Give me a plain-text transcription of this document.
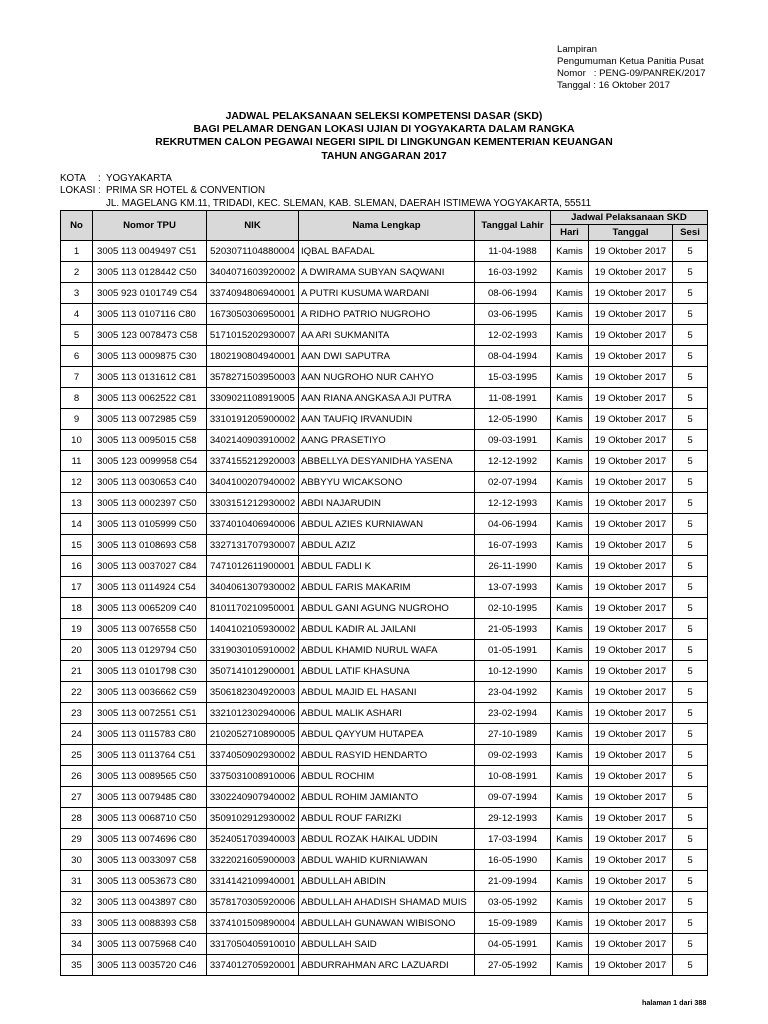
Lampiran
Pengumuman Ketua Panitia Pusat
Nomor   : PENG-09/PANREK/2017
Tanggal : 16 Oktober 2017
JADWAL PELAKSANAAN SELEKSI KOMPETENSI DASAR (SKD)
BAGI PELAMAR DENGAN LOKASI UJIAN DI YOGYAKARTA DALAM RANGKA
REKRUTMEN CALON PEGAWAI NEGERI SIPIL DI LINGKUNGAN KEMENTERIAN KEUANGAN
TAHUN ANGGARAN 2017
KOTA	: YOGYAKARTA
LOKASI : PRIMA SR HOTEL & CONVENTION
JL. MAGELANG KM.11, TRIDADI, KEC. SLEMAN, KAB. SLEMAN, DAERAH ISTIMEWA YOGYAKARTA, 55511
No	Nomor TPU	NIK	Nama Lengkap	Tanggal Lahir	Jadwal Pelaksanaan SKD		
					Hari	Tanggal	Sesi
1	3005 113 0049497 C51	5203071104880004	IQBAL BAFADAL	11-04-1988	Kamis	19 Oktober 2017	5
2	3005 113 0128442 C50	3404071603920002	A DWIRAMA SUBYAN SAQWANI	16-03-1992	Kamis	19 Oktober 2017	5
3	3005 923 0101749 C54	3374094806940001	A PUTRI KUSUMA WARDANI	08-06-1994	Kamis	19 Oktober 2017	5
4	3005 113 0107116 C80	1673050306950001	A RIDHO PATRIO NUGROHO	03-06-1995	Kamis	19 Oktober 2017	5
5	3005 123 0078473 C58	5171015202930007	AA ARI SUKMANITA	12-02-1993	Kamis	19 Oktober 2017	5
6	3005 113 0009875 C30	1802190804940001	AAN DWI SAPUTRA	08-04-1994	Kamis	19 Oktober 2017	5
7	3005 113 0131612 C81	3578271503950003	AAN NUGROHO NUR CAHYO	15-03-1995	Kamis	19 Oktober 2017	5
8	3005 113 0062522 C81	3309021108919005	AAN RIANA ANGKASA AJI PUTRA	11-08-1991	Kamis	19 Oktober 2017	5
9	3005 113 0072985 C59	3310191205900002	AAN TAUFIQ IRVANUDIN	12-05-1990	Kamis	19 Oktober 2017	5
10	3005 113 0095015 C58	3402140903910002	AANG PRASETIYO	09-03-1991	Kamis	19 Oktober 2017	5
11	3005 123 0099958 C54	3374155212920003	ABBELLYA DESYANIDHA YASENA	12-12-1992	Kamis	19 Oktober 2017	5
12	3005 113 0030653 C40	3404100207940002	ABBYYU WICAKSONO	02-07-1994	Kamis	19 Oktober 2017	5
13	3005 113 0002397 C50	3303151212930002	ABDI NAJARUDIN	12-12-1993	Kamis	19 Oktober 2017	5
14	3005 113 0105999 C50	3374010406940006	ABDUL AZIES KURNIAWAN	04-06-1994	Kamis	19 Oktober 2017	5
15	3005 113 0108693 C58	3327131707930007	ABDUL AZIZ	16-07-1993	Kamis	19 Oktober 2017	5
16	3005 113 0037027 C84	7471012611900001	ABDUL FADLI K	26-11-1990	Kamis	19 Oktober 2017	5
17	3005 113 0114924 C54	3404061307930002	ABDUL FARIS MAKARIM	13-07-1993	Kamis	19 Oktober 2017	5
18	3005 113 0065209 C40	8101170210950001	ABDUL GANI AGUNG NUGROHO	02-10-1995	Kamis	19 Oktober 2017	5
19	3005 113 0076558 C50	1404102105930002	ABDUL KADIR AL JAILANI	21-05-1993	Kamis	19 Oktober 2017	5
20	3005 113 0129794 C50	3319030105910002	ABDUL KHAMID NURUL WAFA	01-05-1991	Kamis	19 Oktober 2017	5
21	3005 113 0101798 C30	3507141012900001	ABDUL LATIF KHASUNA	10-12-1990	Kamis	19 Oktober 2017	5
22	3005 113 0036662 C59	3506182304920003	ABDUL MAJID EL HASANI	23-04-1992	Kamis	19 Oktober 2017	5
23	3005 113 0072551 C51	3321012302940006	ABDUL MALIK ASHARI	23-02-1994	Kamis	19 Oktober 2017	5
24	3005 113 0115783 C80	2102052710890005	ABDUL QAYYUM HUTAPEA	27-10-1989	Kamis	19 Oktober 2017	5
25	3005 113 0113764 C51	3374050902930002	ABDUL RASYID HENDARTO	09-02-1993	Kamis	19 Oktober 2017	5
26	3005 113 0089565 C50	3375031008910006	ABDUL ROCHIM	10-08-1991	Kamis	19 Oktober 2017	5
27	3005 113 0079485 C80	3302240907940002	ABDUL ROHIM JAMIANTO	09-07-1994	Kamis	19 Oktober 2017	5
28	3005 113 0068710 C50	3509102912930002	ABDUL ROUF FARIZKI	29-12-1993	Kamis	19 Oktober 2017	5
29	3005 113 0074696 C80	3524051703940003	ABDUL ROZAK HAIKAL UDDIN	17-03-1994	Kamis	19 Oktober 2017	5
30	3005 113 0033097 C58	3322021605900003	ABDUL WAHID KURNIAWAN	16-05-1990	Kamis	19 Oktober 2017	5
31	3005 113 0053673 C80	3314142109940001	ABDULLAH ABIDIN	21-09-1994	Kamis	19 Oktober 2017	5
32	3005 113 0043897 C80	3578170305920006	ABDULLAH AHADISH SHAMAD MUIS	03-05-1992	Kamis	19 Oktober 2017	5
33	3005 113 0088393 C58	3374101509890004	ABDULLAH GUNAWAN WIBISONO	15-09-1989	Kamis	19 Oktober 2017	5
34	3005 113 0075968 C40	3317050405910010	ABDULLAH SAID	04-05-1991	Kamis	19 Oktober 2017	5
35	3005 113 0035720 C46	3374012705920001	ABDURRAHMAN ARC LAZUARDI	27-05-1992	Kamis	19 Oktober 2017	5
halaman 1 dari 388
